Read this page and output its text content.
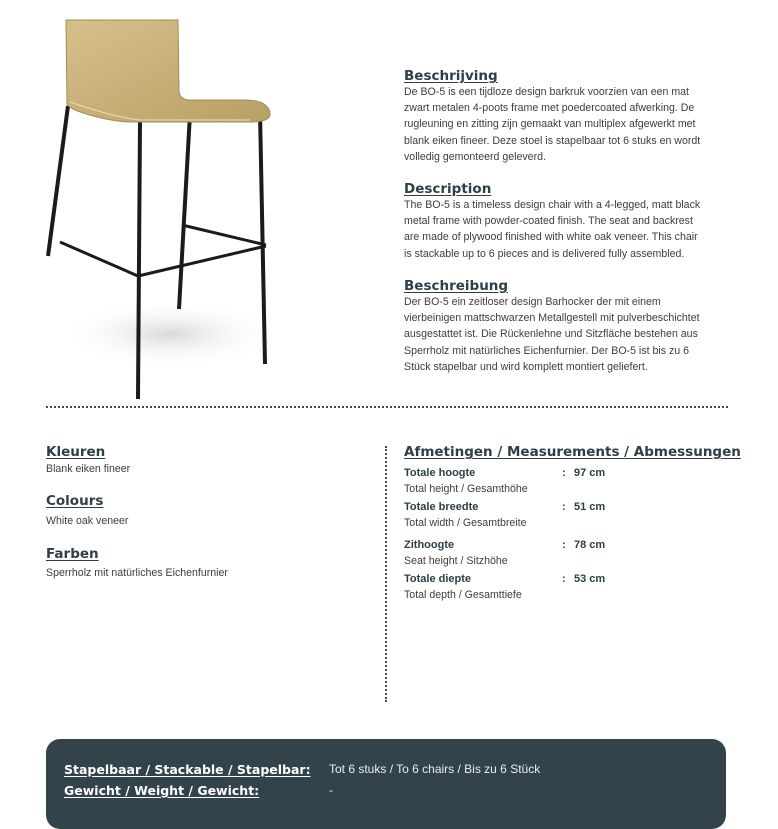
Beschrijving

De BO-5 is een tijdloze design barkruk voorzien van een mat

zwart metalen 4-poots frame met poedercoated afwerking. De

rugleuning en zitting zijn gemaakt van multiplex afgewerkt met

blank eiken fineer. Deze stoel is stapelbaar tot 6 stuks en wordt

volledig gemonteerd geleverd.

Description

The BO-5 is a timeless design chair with a 4-legged, matt black

metal frame with powder-coated finish. The seat and backrest

are made of plywood finished with white oak veneer. This chair

is stackable up to 6 pieces and is delivered fully assembled.

Beschreibung

Der BO-5 ein zeitloser design Barhocker der mit einem

vierbeinigen mattschwarzen Metallgestell mit pulverbeschichtet

ausgestattet ist. Die Rückenlehne und Sitzfläche bestehen aus

Sperrholz mit natürliches Eichenfurnier. Der BO-5 ist bis zu 6

Stück stapelbar und wird komplett montiert geliefert.

Kleuren

Blank eiken fineer

Colours

White oak veneer

Farben

Sperrholz mit natürliches Eichenfurnier

Afmetingen / Measurements / Abmessungen

Totale hoogte
Total height / Gesamthöhe
: 97 cm
Totale breedte
Total width / Gesamtbreite
: 51 cm
Zithoogte
Seat height / Sitzhöhe
: 78 cm
Totale diepte
Total depth / Gesamttiefe
: 53 cm
Stapelbaar / Stackable / Stapelbar: Tot 6 stuks / To 6 chairs / Bis zu 6 Stück
Gewicht / Weight / Gewicht:	-
